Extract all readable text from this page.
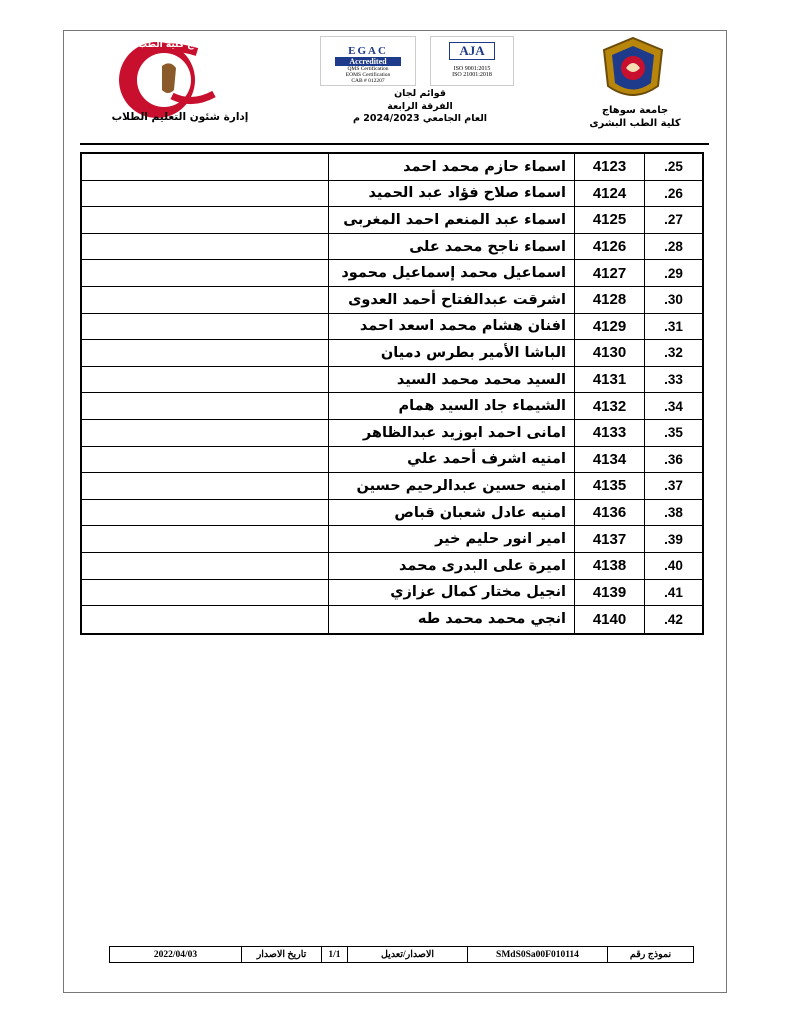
جامعة سوهاج كلية الطب
إدارة شئون التعليم الطلاب
EGAC
Accredited
QMS Certification
EOMS Certification
CAB # 012207
AJA
ISO 9001:2015
ISO 21001:2018
قوائم لجان
الفرقة الرابعة
العام الجامعي 2024/2023 م
جامعة سوهاج
كلية الطب البشرى
.25
4123
اسماء حازم محمد احمد
.26
4124
اسماء صلاح فؤاد عبد الحميد
.27
4125
اسماء عبد المنعم احمد المغربى
.28
4126
اسماء ناجح محمد على
.29
4127
اسماعيل محمد إسماعيل محمود
.30
4128
اشرقت عبدالفتاح أحمد العدوى
.31
4129
افنان هشام محمد اسعد احمد
.32
4130
الباشا الأمير بطرس دميان
.33
4131
السيد محمد محمد السيد
.34
4132
الشيماء جاد السيد همام
.35
4133
امانى احمد ابوزيد عبدالظاهر
.36
4134
امنيه اشرف أحمد علي
.37
4135
امنيه حسين عبدالرحيم حسين
.38
4136
امنيه عادل شعبان قباص
.39
4137
امير انور حليم خير
.40
4138
اميرة على البدرى محمد
.41
4139
انجيل مختار كمال عزازي
.42
4140
انجي محمد محمد طه
نموذج رقم
SMdS0Sa00F010114
الاصدار/تعديل
1/1
تاريخ الاصدار
2022/04/03
